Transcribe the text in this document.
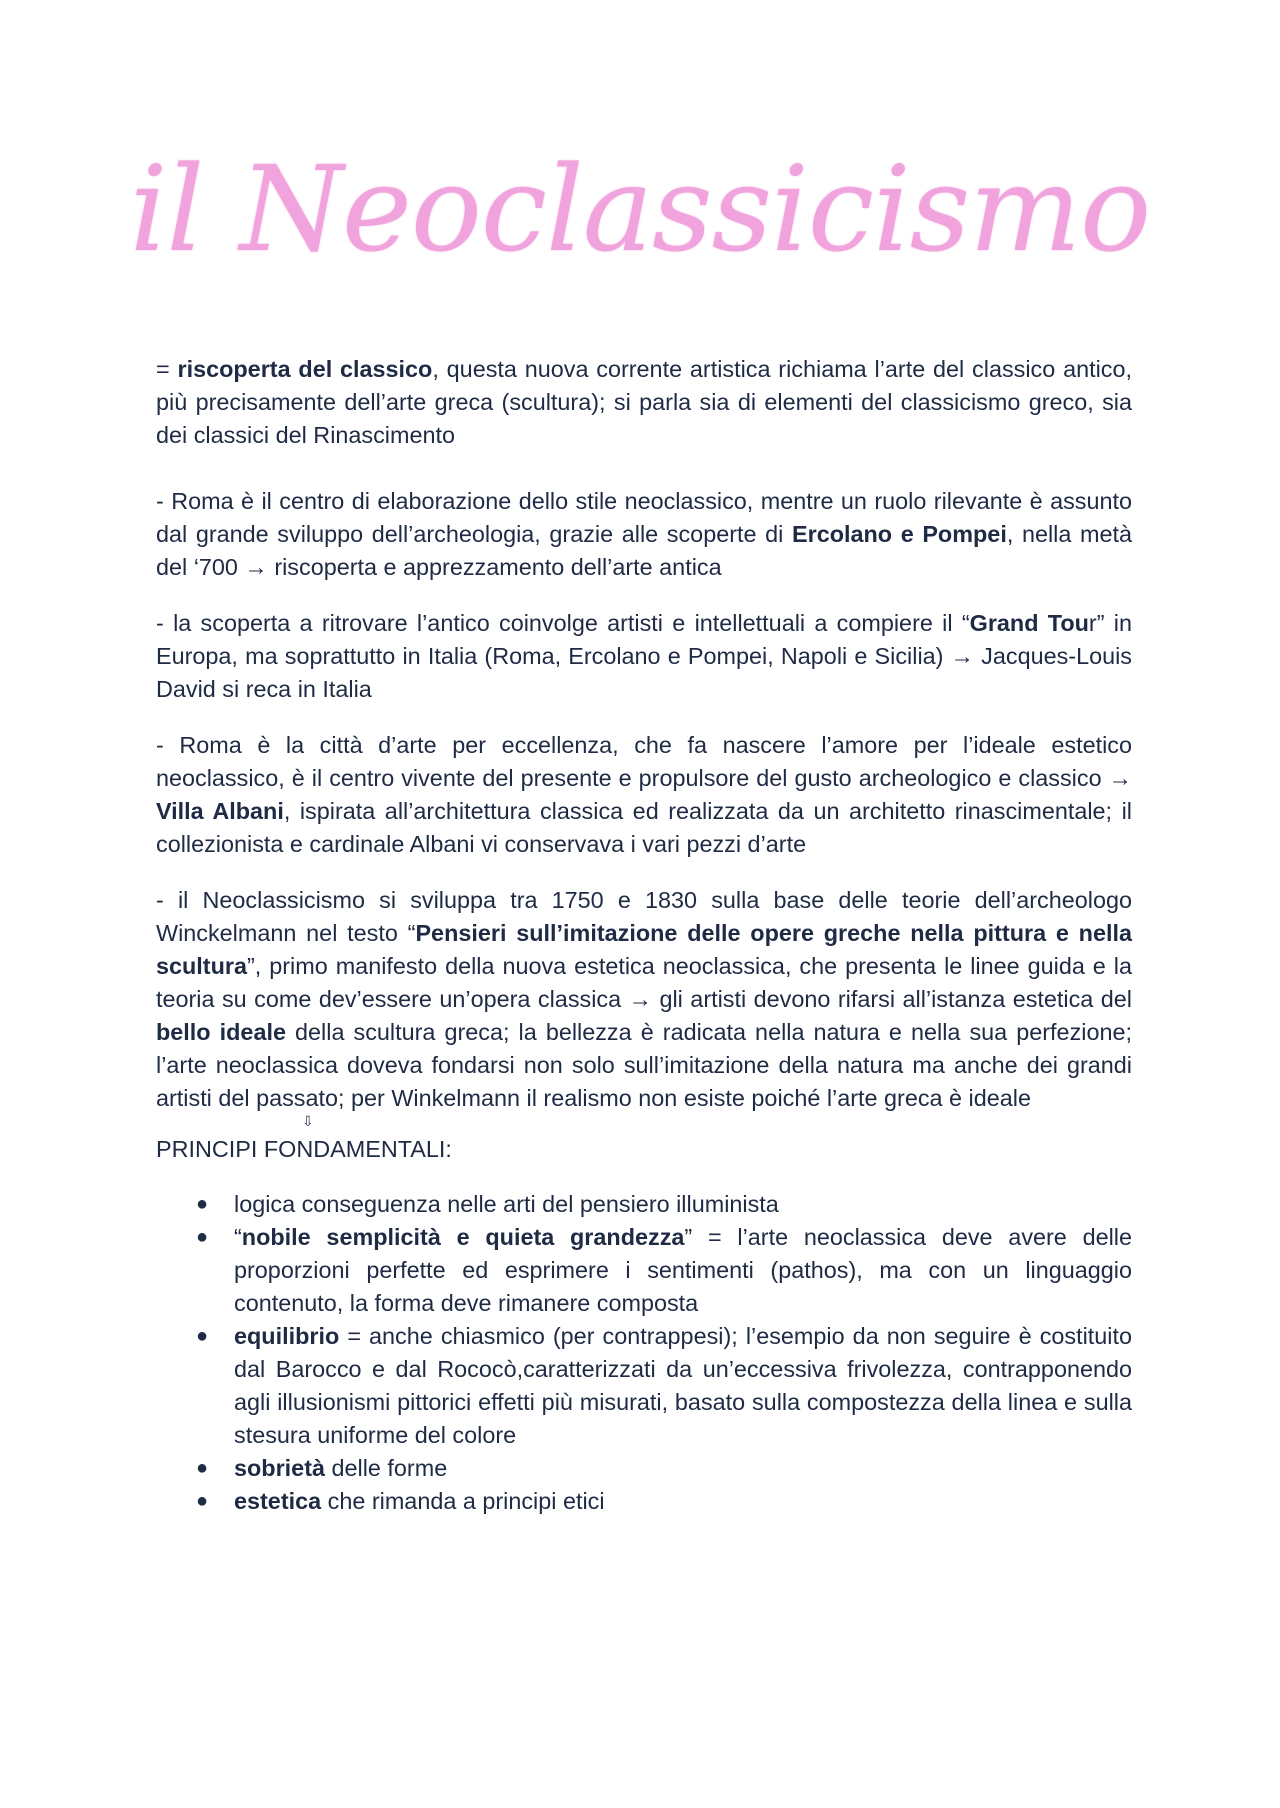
il Neoclassicismo

= riscoperta del classico, questa nuova corrente artistica richiama l’arte del classico antico, più precisamente dell’arte greca (scultura); si parla sia di elementi del classicismo greco, sia dei classici del Rinascimento

- Roma è il centro di elaborazione dello stile neoclassico, mentre un ruolo rilevante è assunto dal grande sviluppo dell’archeologia, grazie alle scoperte di Ercolano e Pompei, nella metà del ‘700 → riscoperta e apprezzamento dell’arte antica

- la scoperta a ritrovare l’antico coinvolge artisti e intellettuali a compiere il “Grand Tour” in Europa, ma soprattutto in Italia (Roma, Ercolano e Pompei, Napoli e Sicilia) → Jacques-Louis David si reca in Italia

- Roma è la città d’arte per eccellenza, che fa nascere l’amore per l’ideale estetico neoclassico, è il centro vivente del presente e propulsore del gusto archeologico e classico → Villa Albani, ispirata all’architettura classica ed realizzata da un architetto rinascimentale; il collezionista e cardinale Albani vi conservava i vari pezzi d’arte

- il Neoclassicismo si sviluppa tra 1750 e 1830 sulla base delle teorie dell’archeologo Winckelmann nel testo “Pensieri sull’imitazione delle opere greche nella pittura e nella scultura”, primo manifesto della nuova estetica neoclassica, che presenta le linee guida e la teoria su come dev’essere un’opera classica → gli artisti devono rifarsi all’istanza estetica del bello ideale della scultura greca; la bellezza è radicata nella natura e nella sua perfezione; l’arte neoclassica doveva fondarsi non solo sull’imitazione della natura ma anche dei grandi artisti del passato; per Winkelmann il realismo non esiste poiché l’arte greca è ideale

⇩

PRINCIPI FONDAMENTALI:

● logica conseguenza nelle arti del pensiero illuminista
● “nobile semplicità e quieta grandezza” = l’arte neoclassica deve avere delle proporzioni perfette ed esprimere i sentimenti (pathos), ma con un linguaggio contenuto, la forma deve rimanere composta
● equilibrio = anche chiasmico (per contrappesi); l’esempio da non seguire è costituito dal Barocco e dal Rococò,caratterizzati da un’eccessiva frivolezza, contrapponendo agli illusionismi pittorici effetti più misurati, basato sulla compostezza della linea e sulla stesura uniforme del colore
● sobrietà delle forme
● estetica che rimanda a principi etici
